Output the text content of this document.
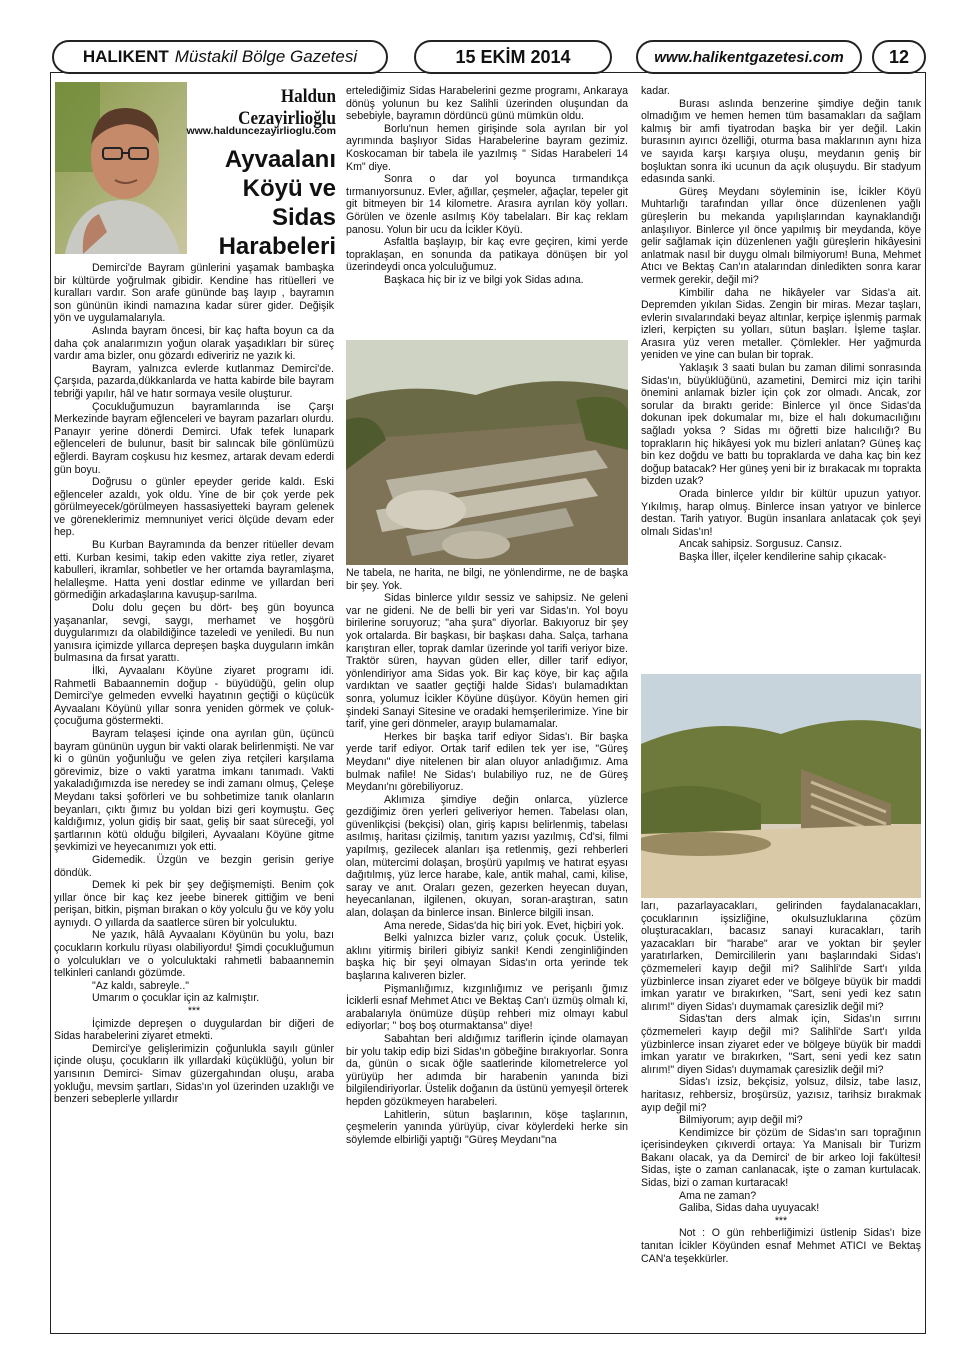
HALIKENT Müstakil Bölge Gazetesi	15 EKİM 2014	www.halikentgazetesi.com	12
Haldun Cezayirlioğlu
www.halduncezayirlioglu.com
Ayvaalanı
Köyü ve
Sidas
Harabeleri

Demirci'de Bayram günlerini yaşamak bambaşka bir kültürde yoğrulmak gibidir. Kendine has ritüelleri ve kuralları vardır. Son arafe gününde baş layıp , bayramın son gününün ikindi namazına kadar sürer gider. Değişik yön ve uygulamalarıyla.

Aslında bayram öncesi, bir kaç hafta boyun ca da daha çok analarımızın yoğun olarak yaşadıkları bir süreç vardır ama bizler, onu gözardı ediveririz ne yazık ki.

Bayram, yalnızca evlerde kutlanmaz Demirci'de. Çarşıda, pazarda,dükkanlarda ve hatta kabirde bile bayram tebriği yapılır, hâl ve hatır sormaya vesile oluşturur.

Çocukluğumuzun bayramlarında ise Çarşı Merkezinde bayram eğlenceleri ve bayram pazarları olurdu. Panayır yerine dönerdi Demirci. Ufak tefek lunapark eğlenceleri de bulunur, basit bir salıncak bile gönlümüzü eğlerdi. Bayram coşkusu hız kesmez, artarak devam ederdi gün boyu.

Doğrusu o günler epeyder geride kaldı. Eski eğlenceler azaldı, yok oldu. Yine de bir çok yerde pek görülmeyecek/görülmeyen hassasiyetteki bayram gelenek ve göreneklerimiz memnuniyet verici ölçüde devam eder hep.

Bu Kurban Bayramında da benzer ritüeller devam etti. Kurban kesimi, takip eden vakitte ziya retler, ziyaret kabulleri, ikramlar, sohbetler ve her ortamda bayramlaşma, helalleşme. Hatta yeni dostlar edinme ve yıllardan beri görmediğin arkadaşlarına kavuşup-sarılma.

Dolu dolu geçen bu dört- beş gün boyunca yaşananlar, sevgi, saygı, merhamet ve hoşgörü duygularımızı da olabildiğince tazeledi ve yeniledi. Bu nun yanısıra içimizde yıllarca depreşen başka duyguların imkân bulmasına da fırsat yarattı.

İlki, Ayvaalanı Köyüne ziyaret programı idi. Rahmetli Babaannemin doğup - büyüdüğü, gelin olup Demirci'ye gelmeden evvelki hayatının geçtiği o küçücük Ayvaalanı Köyünü yıllar sonra yeniden görmek ve çoluk-çocuğuma göstermekti.

Bayram telaşesi içinde ona ayrılan gün, üçüncü bayram gününün uygun bir vakti olarak belirlenmişti. Ne var ki o günün yoğunluğu ve gelen ziya retçileri karşılama görevimiz, bize o vakti yaratma imkanı tanımadı. Vakti yakaladığımızda ise neredey se indi zamanı olmuş, Çeleşe Meydanı taksi şoförleri ve bu sohbetimize tanık olanların beyanları, çıktı ğımız bu yoldan bizi geri koymuştu. Geç kaldığımız, yolun gidiş bir saat, geliş bir saat süreceği, yol şartlarının kötü olduğu bilgileri, Ayvaalanı Köyüne gitme şevkimizi ve heyecanımızı yok etti.

Gidemedik. Üzgün ve bezgin gerisin geriye döndük.

Demek ki pek bir şey değişmemişti. Benim çok yıllar önce bir kaç kez jeebe binerek gittiğim ve beni perişan, bitkin, pişman bırakan o köy yolculu ğu ve köy yolu aynıydı. O yıllarda da saatlerce süren bir yolculuktu.

Ne yazık, hâlâ Ayvaalanı Köyünün bu yolu, bazı çocukların korkulu rüyası olabiliyordu! Şimdi çocukluğumun o yolculukları ve o yolculuktaki rahmetli babaannemin telkinleri canlandı gözümde.

"Az kaldı, sabreyle.."

Umarım o çocuklar için az kalmıştır.

***

İçimizde depreşen o duygulardan bir diğeri de Sidas harabelerini ziyaret etmekti.

Demirci'ye gelişlerimizin çoğunlukla sayılı günler içinde oluşu, çocukların ilk yıllardaki küçüklüğü, yolun bir yarısının Demirci- Simav güzergahından oluşu, araba yokluğu, mevsim şartları, Sidas'ın yol üzerinden uzaklığı ve benzeri sebeplerle yıllardır

ertelediğimiz Sidas Harabelerini gezme programı, Ankaraya dönüş yolunun bu kez Salihli üzerinden oluşundan da sebebiyle, bayramın dördüncü günü mümkün oldu.

Borlu'nun hemen girişinde sola ayrılan bir yol ayrımında başlıyor Sidas Harabelerine bayram gezimiz. Koskocaman bir tabela ile yazılmış " Sidas Harabeleri 14 Km" diye.

Sonra o dar yol boyunca tırmandıkça tırmanıyorsunuz. Evler, ağıllar, çeşmeler, ağaçlar, tepeler git git bitmeyen bir 14 kilometre. Arasıra ayrılan köy yolları. Görülen ve özenle asılmış Köy tabelaları. Bir kaç reklam panosu. Yolun bir ucu da İcikler Köyü.

Asfaltla başlayıp, bir kaç evre geçiren, kimi yerde topraklaşan, en sonunda da patikaya dönüşen bir yol üzerindeydi onca yolculuğumuz.

Başkaca hiç bir iz ve bilgi yok Sidas adına.

Ne tabela, ne harita, ne bilgi, ne yönlendirme, ne de başka bir şey. Yok.

Sidas binlerce yıldır sessiz ve sahipsiz. Ne geleni var ne gideni. Ne de belli bir yeri var Sidas'ın. Yol boyu birilerine soruyoruz; "aha şura" diyorlar. Bakıyoruz bir şey yok ortalarda. Bir başkası, bir başkası daha. Salça, tarhana karıştıran eller, toprak damlar üzerinde yol tarifi veriyor bize. Traktör süren, hayvan güden eller, diller tarif ediyor, yönlendiriyor ama Sidas yok. Bir kaç köye, bir kaç ağıla vardıktan ve saatler geçtiği halde Sidas'ı bulamadıktan sonra, yolumuz İcikler Köyüne düşüyor. Köyün hemen giri şindeki Sanayi Sitesine ve oradaki hemşerilerimize. Yine bir tarif, yine geri dönmeler, arayıp bulamamalar.

Herkes bir başka tarif ediyor Sidas'ı. Bir başka yerde tarif ediyor. Ortak tarif edilen tek yer ise, "Güreş Meydanı" diye nitelenen bir alan oluyor anladığımız. Ama bulmak nafile! Ne Sidas'ı bulabiliyo ruz, ne de Güreş Meydanı'nı görebiliyoruz.

Aklımıza şimdiye değin onlarca, yüzlerce gezdiğimiz ören yerleri geliveriyor hemen. Tabelası olan, güvenlikçisi (bekçisi) olan, giriş kapısı belirlenmiş, tabelası asılmış, haritası çizilmiş, tanıtım yazısı yazılmış, Cd'si, filmi yapılmış, gezilecek alanları işa retlenmiş, gezi rehberleri olan, mütercimi dolaşan, broşürü yapılmış ve hatırat eşyası dağıtılmış, yüz lerce harabe, kale, antik mahal, cami, kilise, saray ve anıt. Oraları gezen, gezerken heyecan duyan, heyecanlanan, ilgilenen, okuyan, soran-araştıran, satın alan, dolaşan da binlerce insan. Binlerce bilgili insan.

Ama nerede, Sidas'da hiç biri yok. Evet, hiçbiri yok.

Belki yalnızca bizler varız, çoluk çocuk. Üstelik, aklını yitirmiş birileri gibiyiz sanki! Kendi zenginliğinden başka hiç bir şeyi olmayan Sidas'ın orta yerinde tek başlarına kalıveren bizler.

Pişmanlığımız, kızgınlığımız ve perişanlı ğımız İciklerli esnaf Mehmet Atıcı ve Bektaş Can'ı üzmüş olmalı ki, arabalarıyla önümüze düşüp rehberi miz olmayı kabul ediyorlar; " boş boş oturmaktansa" diye!

Sabahtan beri aldığımız tariflerin içinde olamayan bir yolu takip edip bizi Sidas'ın göbeğine bırakıyorlar. Sonra da, günün o sıcak öğle saatlerinde kilometrelerce yol yürüyüp her adımda bir harabenin yanında bizi bilgilendiriyorlar. Üstelik doğanın da üstünü yemyeşil örterek hepden gözükmeyen harabeleri.

Lahitlerin, sütun başlarının, köşe taşlarının, çeşmelerin yanında yürüyüp, civar köylerdeki herke sin söylemde elbirliği yaptığı "Güreş Meydanı"na

kadar.

Burası aslında benzerine şimdiye değin tanık olmadığım ve hemen hemen tüm basamakları da sağlam kalmış bir amfi tiyatrodan başka bir yer değil. Lakin burasının ayırıcı özelliği, oturma basa maklarının aynı hiza ve sayıda karşı karşıya oluşu, meydanın geniş bir boşluktan sonra iki ucunun da açık oluşuydu. Bir stadyum edasında sanki.

Güreş Meydanı söyleminin ise, İcikler Köyü Muhtarlığı tarafından yıllar önce düzenlenen yağlı güreşlerin bu mekanda yapılışlarından kaynaklandığı anlaşılıyor. Binlerce yıl önce yapılmış bir meydanda, köye gelir sağlamak için düzenlenen yağlı güreşlerin hikâyesini anlatmak nasıl bir duygu olmalı bilmiyorum! Buna, Mehmet Atıcı ve Bektaş Can'ın atalarından dinledikten sonra karar vermek gerekir, değil mi?

Kimbilir daha ne hikâyeler var Sidas'a ait. Depremden yıkılan Sidas. Zengin bir miras. Mezar taşları, evlerin sıvalarındaki beyaz altınlar, kerpiçe işlenmiş parmak izleri, kerpiçten su yolları, sütun başları. İşleme taşlar. Arasıra yüz veren metaller. Çömlekler. Her yağmurda yeniden ve yine can bulan bir toprak.

Yaklaşık 3 saati bulan bu zaman dilimi sonrasında Sidas'ın, büyüklüğünü, azametini, Demirci miz için tarihi önemini anlamak bizler için çok zor olmadı. Ancak, zor sorular da bıraktı geride: Binlerce yıl önce Sidas'da dokunan ipek dokumalar mı, bize el halı dokumacılığını sağladı yoksa ? Sidas mı öğretti bize halıcılığı? Bu toprakların hiç hikâyesi yok mu bizleri anlatan? Güneş kaç bin kez doğdu ve battı bu topraklarda ve daha kaç bin kez doğup batacak? Her güneş yeni bir iz bırakacak mı toprakta bizden uzak?

Orada binlerce yıldır bir kültür upuzun yatıyor. Yıkılmış, harap olmuş. Binlerce insan yatıyor ve binlerce destan. Tarih yatıyor. Bugün insanlara anlatacak çok şeyi olmalı Sidas'ın!

Ancak sahipsiz. Sorgusuz. Cansız.

Başka İller, ilçeler kendilerine sahip çıkacak-

ları, pazarlayacakları, gelirinden faydalanacakları, çocuklarının işsizliğine, okulsuzluklarına çözüm oluşturacakları, bacasız sanayi kuracakları, tarih yazacakları bir "harabe" arar ve yoktan bir şeyler yaratırlarken, Demircililerin yanı başlarındaki Sidas'ı çözmemeleri kayıp değil mi? Salihli'de Sart'ı yılda yüzbinlerce insan ziyaret eder ve bölgeye büyük bir maddi imkan yaratır ve bırakırken, "Sart, seni yedi kez satın alırım!" diyen Sidas'ı duymamak çaresizlik değil mi?

Sidas'tan ders almak için, Sidas'ın sırrını çözmemeleri kayıp değil mi? Salihli'de Sart'ı yılda yüzbinlerce insan ziyaret eder ve bölgeye büyük bir maddi imkan yaratır ve bırakırken, "Sart, seni yedi kez satın alırım!" diyen Sidas'ı duymamak çaresizlik değil mi?

Sidas'ı izsiz, bekçisiz, yolsuz, dilsiz, tabe lasız, haritasız, rehbersiz, broşürsüz, yazısız, tarihsiz bırakmak ayıp değil mi?

Bilmiyorum; ayıp değil mi?

Kendimizce bir çözüm de Sidas'ın sarı toprağının içerisindeyken çıkıverdi ortaya: Ya Manisalı bir Turizm Bakanı olacak, ya da Demirci' de bir arkeo loji fakültesi! Sidas, işte o zaman canlanacak, işte o zaman kurtulacak. Sidas, bizi o zaman kurtaracak!

Ama ne zaman?

Galiba, Sidas daha uyuyacak!

***

Not : O gün rehberliğimizi üstlenip Sidas'ı bize tanıtan İcikler Köyünden esnaf Mehmet ATICI ve Bektaş CAN'a teşekkürler.
